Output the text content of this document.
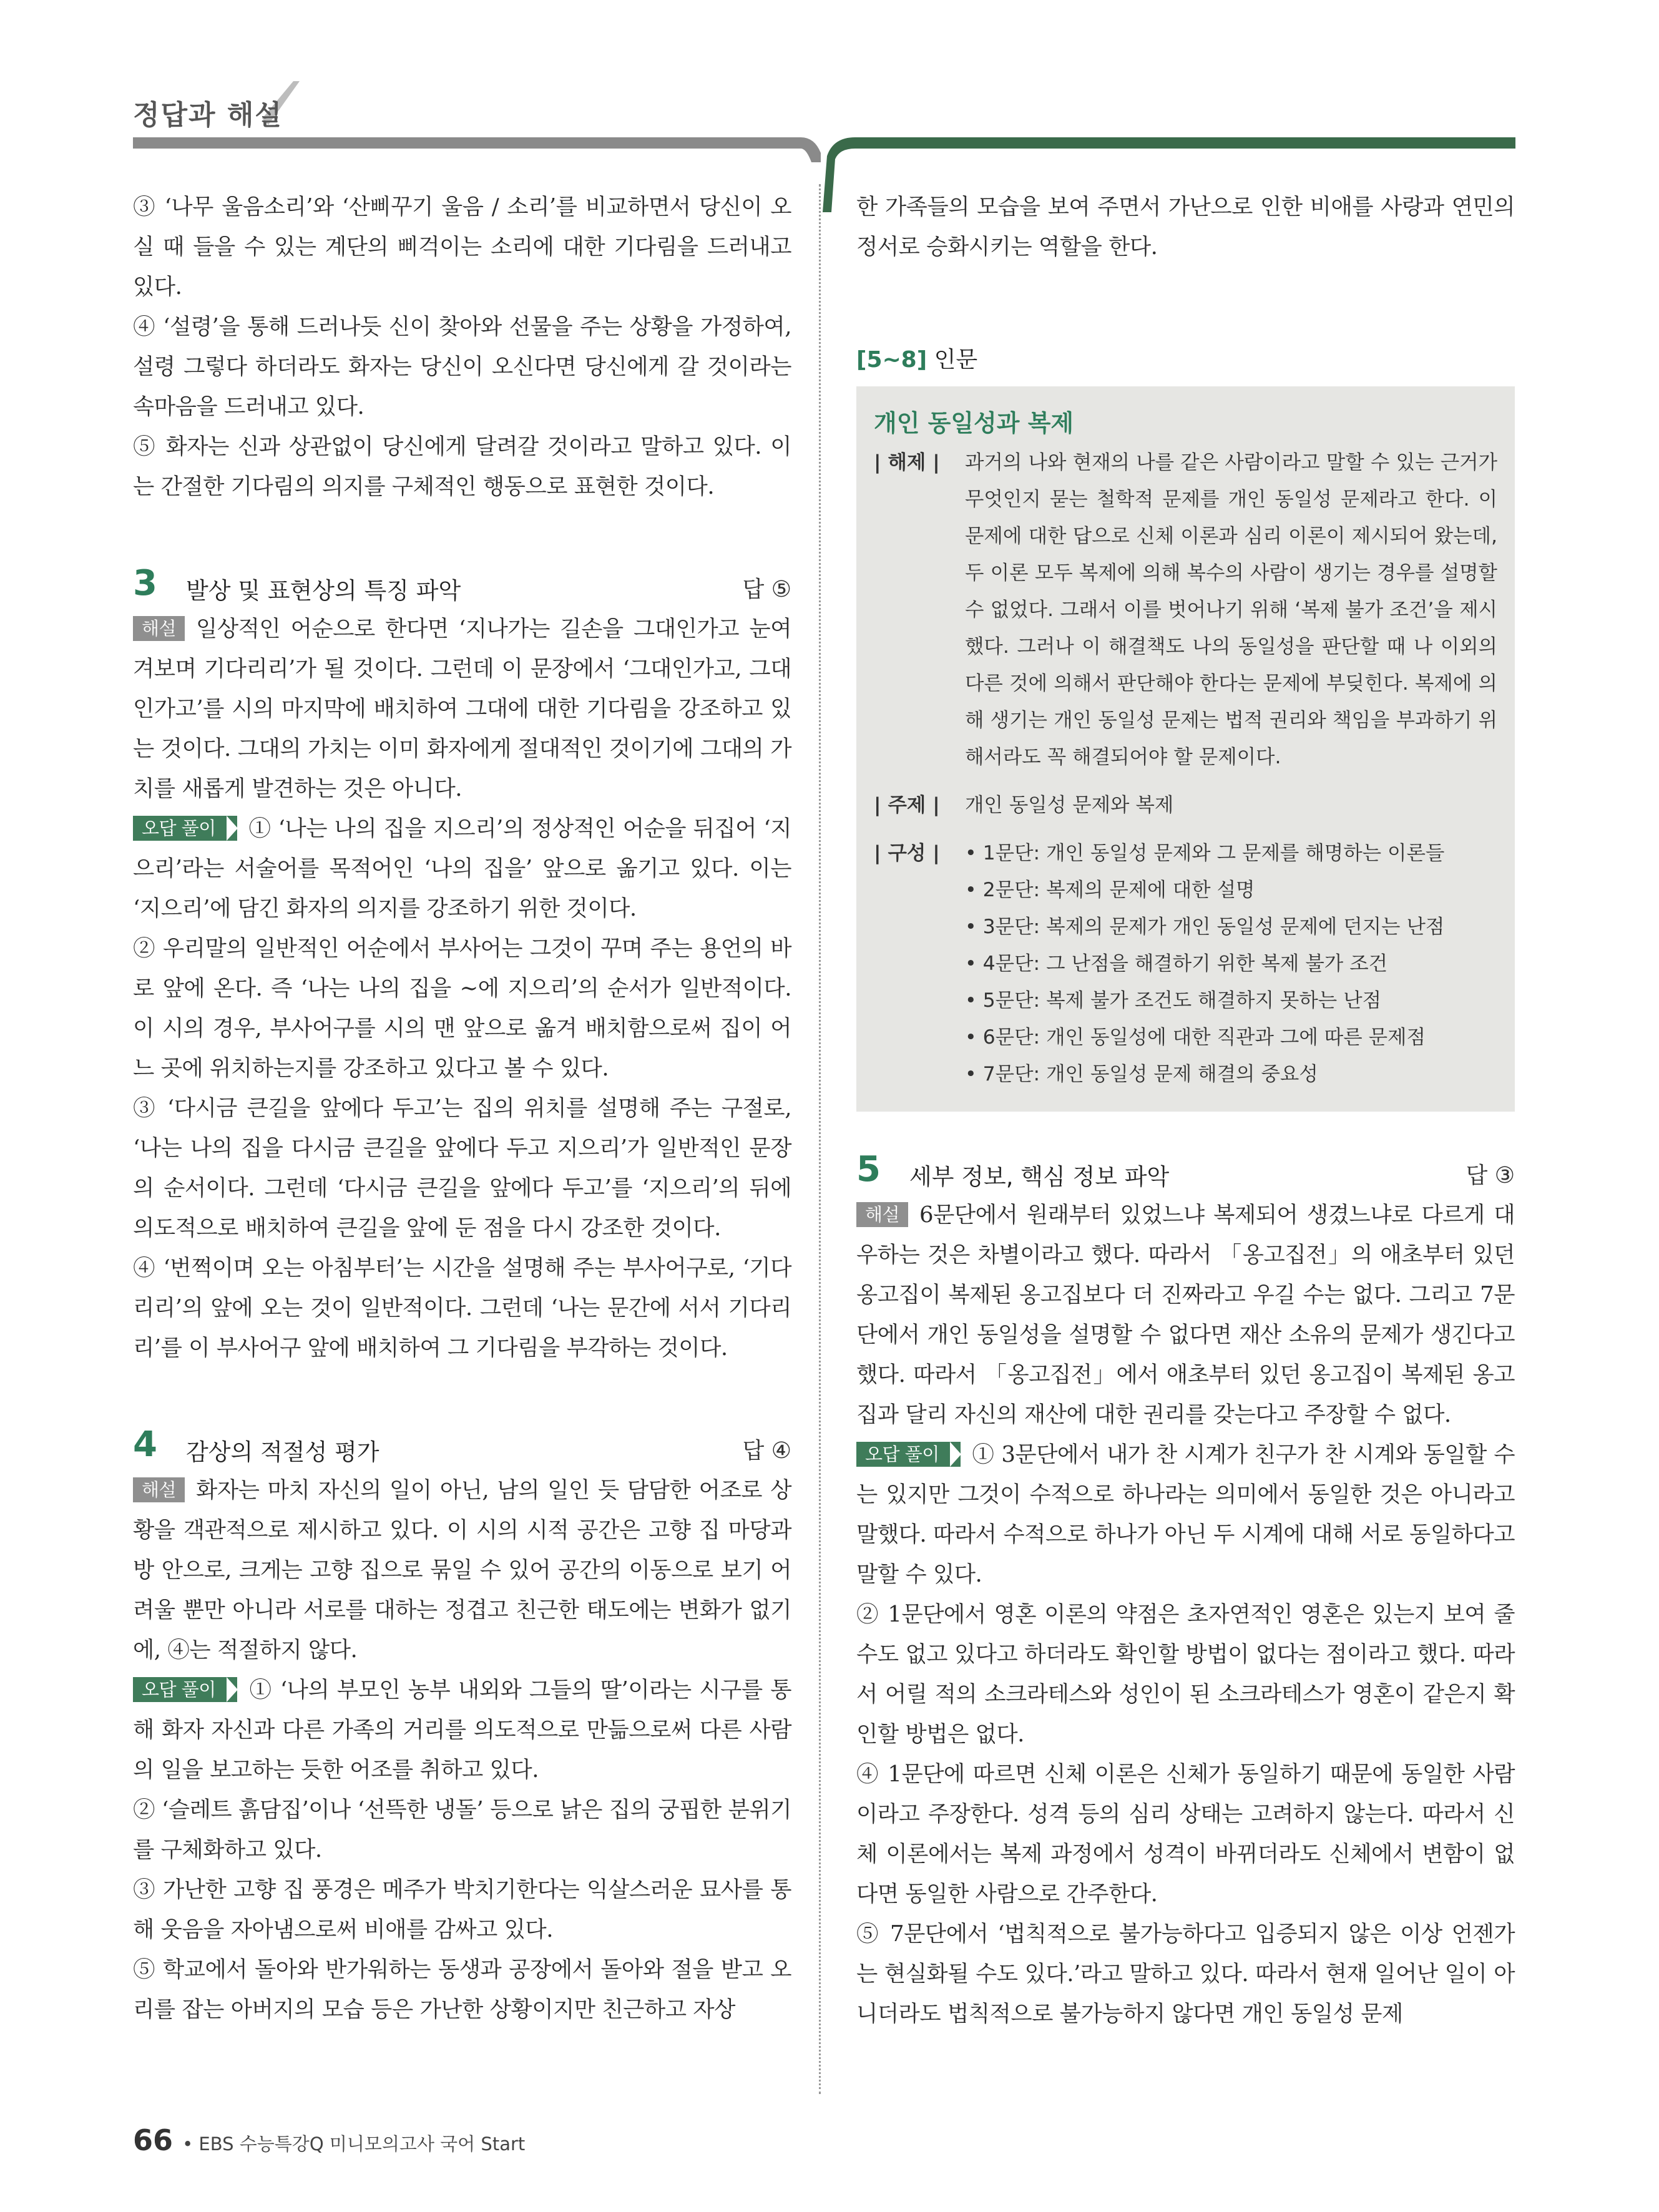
정답과 해설

③ ‘나무 울음소리’와 ‘산삐꾸기 울음 / 소리’를 비교하면서 당신이 오실 때 들을 수 있는 계단의 삐걱이는 소리에 대한 기다림을 드러내고 있다.

④ ‘설령’을 통해 드러나듯 신이 찾아와 선물을 주는 상황을 가정하여, 설령 그렇다 하더라도 화자는 당신이 오신다면 당신에게 갈 것이라는 속마음을 드러내고 있다.

⑤ 화자는 신과 상관없이 당신에게 달려갈 것이라고 말하고 있다. 이는 간절한 기다림의 의지를 구체적인 행동으로 표현한 것이다.

3 발상 및 표현상의 특징 파악	답 ⑤

해설 일상적인 어순으로 한다면 ‘지나가는 길손을 그대인가고 눈여겨보며 기다리리’가 될 것이다. 그런데 이 문장에서 ‘그대인가고, 그대인가고’를 시의 마지막에 배치하여 그대에 대한 기다림을 강조하고 있는 것이다. 그대의 가치는 이미 화자에게 절대적인 것이기에 그대의 가치를 새롭게 발견하는 것은 아니다.

오답 풀이 ① ‘나는 나의 집을 지으리’의 정상적인 어순을 뒤집어 ‘지으리’라는 서술어를 목적어인 ‘나의 집을’ 앞으로 옮기고 있다. 이는 ‘지으리’에 담긴 화자의 의지를 강조하기 위한 것이다.

② 우리말의 일반적인 어순에서 부사어는 그것이 꾸며 주는 용언의 바로 앞에 온다. 즉 ‘나는 나의 집을 ∼에 지으리’의 순서가 일반적이다. 이 시의 경우, 부사어구를 시의 맨 앞으로 옮겨 배치함으로써 집이 어느 곳에 위치하는지를 강조하고 있다고 볼 수 있다.

③ ‘다시금 큰길을 앞에다 두고’는 집의 위치를 설명해 주는 구절로, ‘나는 나의 집을 다시금 큰길을 앞에다 두고 지으리’가 일반적인 문장의 순서이다. 그런데 ‘다시금 큰길을 앞에다 두고’를 ‘지으리’의 뒤에 의도적으로 배치하여 큰길을 앞에 둔 점을 다시 강조한 것이다.

④ ‘번쩍이며 오는 아침부터’는 시간을 설명해 주는 부사어구로, ‘기다리리’의 앞에 오는 것이 일반적이다. 그런데 ‘나는 문간에 서서 기다리리’를 이 부사어구 앞에 배치하여 그 기다림을 부각하는 것이다.

4 감상의 적절성 평가	답 ④

해설 화자는 마치 자신의 일이 아닌, 남의 일인 듯 담담한 어조로 상황을 객관적으로 제시하고 있다. 이 시의 시적 공간은 고향 집 마당과 방 안으로, 크게는 고향 집으로 묶일 수 있어 공간의 이동으로 보기 어려울 뿐만 아니라 서로를 대하는 정겹고 친근한 태도에는 변화가 없기에, ④는 적절하지 않다.

오답 풀이 ① ‘나의 부모인 농부 내외와 그들의 딸’이라는 시구를 통해 화자 자신과 다른 가족의 거리를 의도적으로 만듦으로써 다른 사람의 일을 보고하는 듯한 어조를 취하고 있다.

② ‘슬레트 흙담집’이나 ‘선뜩한 냉돌’ 등으로 낡은 집의 궁핍한 분위기를 구체화하고 있다.

③ 가난한 고향 집 풍경은 메주가 박치기한다는 익살스러운 묘사를 통해 웃음을 자아냄으로써 비애를 감싸고 있다.

⑤ 학교에서 돌아와 반가워하는 동생과 공장에서 돌아와 절을 받고 오리를 잡는 아버지의 모습 등은 가난한 상황이지만 친근하고 자상

한 가족들의 모습을 보여 주면서 가난으로 인한 비애를 사랑과 연민의 정서로 승화시키는 역할을 한다.

[5∼8] 인문
개인 동일성과 복제
| 해제 |	과거의 나와 현재의 나를 같은 사람이라고 말할 수 있는 근거가 무엇인지 묻는 철학적 문제를 개인 동일성 문제라고 한다. 이 문제에 대한 답으로 신체 이론과 심리 이론이 제시되어 왔는데, 두 이론 모두 복제에 의해 복수의 사람이 생기는 경우를 설명할 수 없었다. 그래서 이를 벗어나기 위해 ‘복제 불가 조건’을 제시했다. 그러나 이 해결책도 나의 동일성을 판단할 때 나 이외의 다른 것에 의해서 판단해야 한다는 문제에 부딪힌다. 복제에 의해 생기는 개인 동일성 문제는 법적 권리와 책임을 부과하기 위해서라도 꼭 해결되어야 할 문제이다.
| 주제 |	개인 동일성 문제와 복제
| 구성 |
•	1문단: 개인 동일성 문제와 그 문제를 해명하는 이론들
• 2문단: 복제의 문제에 대한 설명
• 3문단: 복제의 문제가 개인 동일성 문제에 던지는 난점
• 4문단: 그 난점을 해결하기 위한 복제 불가 조건
• 5문단: 복제 불가 조건도 해결하지 못하는 난점
• 6문단: 개인 동일성에 대한 직관과 그에 따른 문제점
• 7문단: 개인 동일성 문제 해결의 중요성
5 세부 정보, 핵심 정보 파악	답 ③

해설 6문단에서 원래부터 있었느냐 복제되어 생겼느냐로 다르게 대우하는 것은 차별이라고 했다. 따라서 「옹고집전」의 애초부터 있던 옹고집이 복제된 옹고집보다 더 진짜라고 우길 수는 없다. 그리고 7문단에서 개인 동일성을 설명할 수 없다면 재산 소유의 문제가 생긴다고 했다. 따라서 「옹고집전」에서 애초부터 있던 옹고집이 복제된 옹고집과 달리 자신의 재산에 대한 권리를 갖는다고 주장할 수 없다.

오답 풀이 ① 3문단에서 내가 찬 시계가 친구가 찬 시계와 동일할 수는 있지만 그것이 수적으로 하나라는 의미에서 동일한 것은 아니라고 말했다. 따라서 수적으로 하나가 아닌 두 시계에 대해 서로 동일하다고 말할 수 있다.

② 1문단에서 영혼 이론의 약점은 초자연적인 영혼은 있는지 보여 줄 수도 없고 있다고 하더라도 확인할 방법이 없다는 점이라고 했다. 따라서 어릴 적의 소크라테스와 성인이 된 소크라테스가 영혼이 같은지 확인할 방법은 없다.

④ 1문단에 따르면 신체 이론은 신체가 동일하기 때문에 동일한 사람이라고 주장한다. 성격 등의 심리 상태는 고려하지 않는다. 따라서 신체 이론에서는 복제 과정에서 성격이 바뀌더라도 신체에서 변함이 없다면 동일한 사람으로 간주한다.

⑤ 7문단에서 ‘법칙적으로 불가능하다고 입증되지 않은 이상 언젠가는 현실화될 수도 있다.’라고 말하고 있다. 따라서 현재 일어난 일이 아니더라도 법칙적으로 불가능하지 않다면 개인 동일성 문제

66 • EBS 수능특강Q 미니모의고사 국어 Start
